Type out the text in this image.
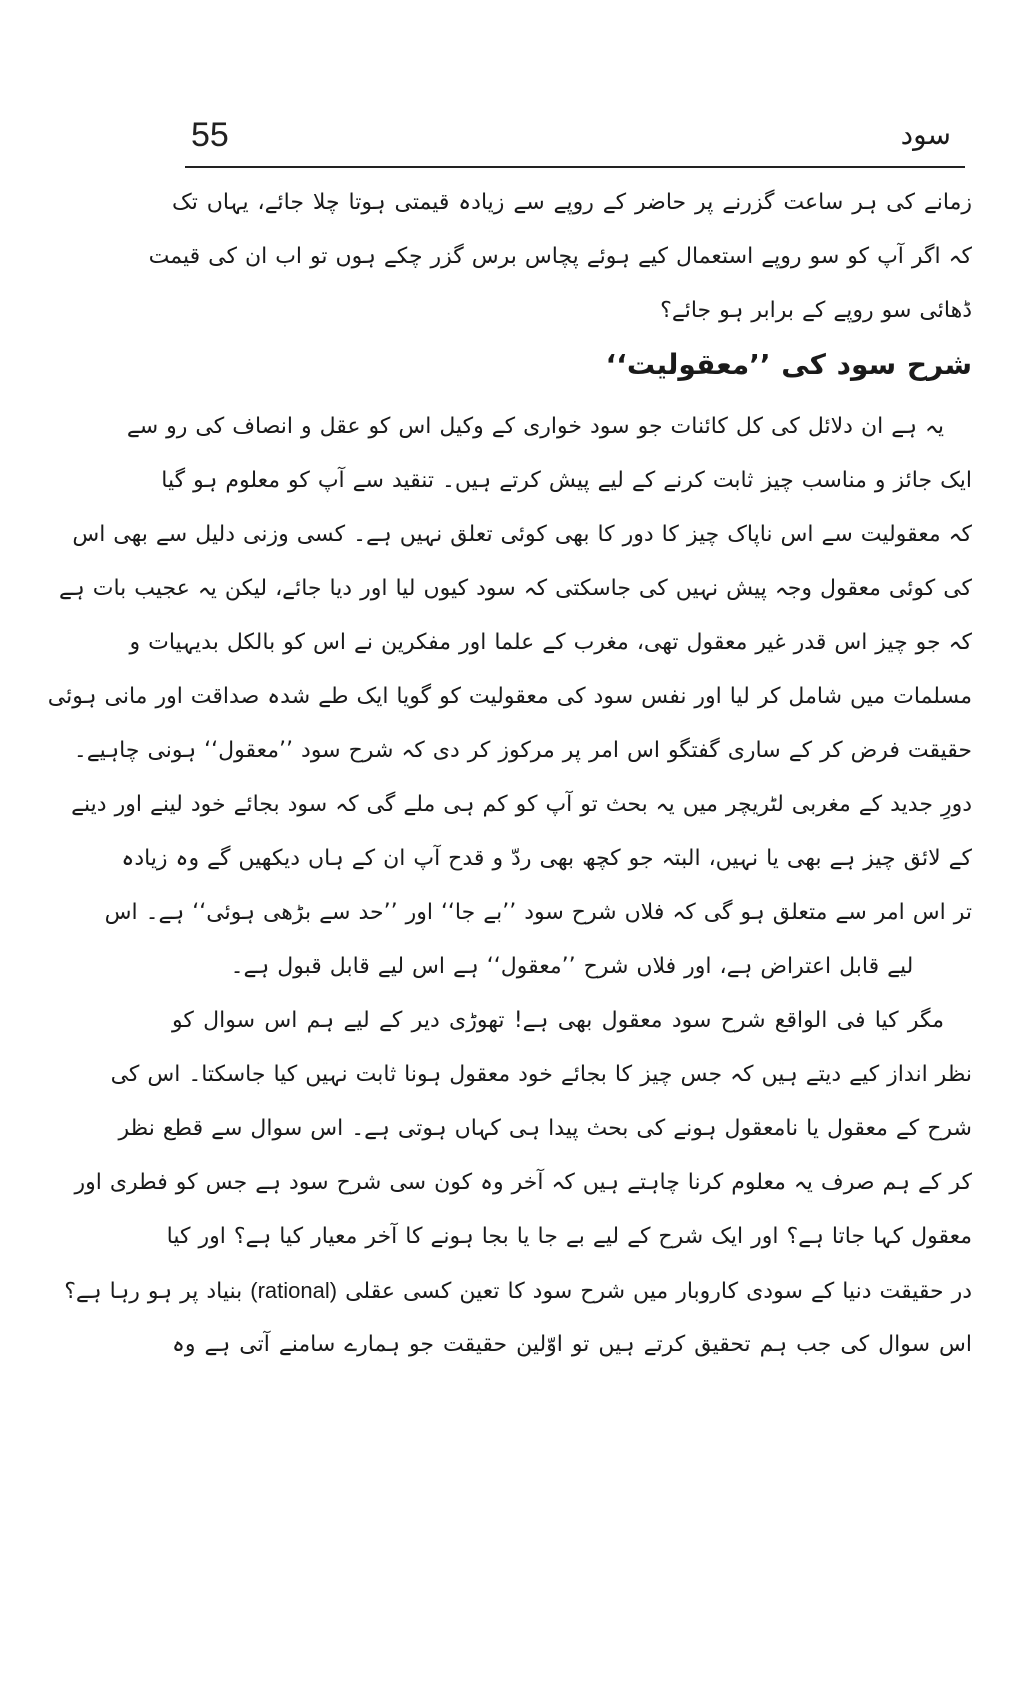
55	سود
زمانے کی ہر ساعت گزرنے پر حاضر کے روپے سے زیادہ قیمتی ہوتا چلا جائے، یہاں تک
کہ اگر آپ کو سو روپے استعمال کیے ہوئے پچاس برس گزر چکے ہوں تو اب ان کی قیمت
ڈھائی سو روپے کے برابر ہو جائے؟
شرح سود کی ’’معقولیت‘‘
یہ ہے ان دلائل کی کل کائنات جو سود خواری کے وکیل اس کو عقل و انصاف کی رو سے
ایک جائز و مناسب چیز ثابت کرنے کے لیے پیش کرتے ہیں۔ تنقید سے آپ کو معلوم ہو گیا
کہ معقولیت سے اس ناپاک چیز کا دور کا بھی کوئی تعلق نہیں ہے۔ کسی وزنی دلیل سے بھی اس
کی کوئی معقول وجہ پیش نہیں کی جاسکتی کہ سود کیوں لیا اور دیا جائے، لیکن یہ عجیب بات ہے
کہ جو چیز اس قدر غیر معقول تھی، مغرب کے علما اور مفکرین نے اس کو بالکل بدیہیات و
مسلمات میں شامل کر لیا اور نفس سود کی معقولیت کو گویا ایک طے شدہ صداقت اور مانی ہوئی
حقیقت فرض کر کے ساری گفتگو اس امر پر مرکوز کر دی کہ شرح سود ’’معقول‘‘ ہونی چاہیے۔
دورِ جدید کے مغربی لٹریچر میں یہ بحث تو آپ کو کم ہی ملے گی کہ سود بجائے خود لینے اور دینے
کے لائق چیز ہے بھی یا نہیں، البتہ جو کچھ بھی ردّ و قدح آپ ان کے ہاں دیکھیں گے وہ زیادہ
تر اس امر سے متعلق ہو گی کہ فلاں شرح سود ’’بے جا‘‘ اور ’’حد سے بڑھی ہوئی‘‘ ہے۔ اس
لیے قابل اعتراض ہے، اور فلاں شرح ’’معقول‘‘ ہے اس لیے قابل قبول ہے۔
مگر کیا فی الواقع شرح سود معقول بھی ہے! تھوڑی دیر کے لیے ہم اس سوال کو
نظر انداز کیے دیتے ہیں کہ جس چیز کا بجائے خود معقول ہونا ثابت نہیں کیا جاسکتا۔ اس کی
شرح کے معقول یا نامعقول ہونے کی بحث پیدا ہی کہاں ہوتی ہے۔ اس سوال سے قطع نظر
کر کے ہم صرف یہ معلوم کرنا چاہتے ہیں کہ آخر وہ کون سی شرح سود ہے جس کو فطری اور
معقول کہا جاتا ہے؟ اور ایک شرح کے لیے بے جا یا بجا ہونے کا آخر معیار کیا ہے؟ اور کیا
در حقیقت دنیا کے سودی کاروبار میں شرح سود کا تعین کسی عقلی (rational) بنیاد پر ہو رہا ہے؟
اس سوال کی جب ہم تحقیق کرتے ہیں تو اوّلین حقیقت جو ہمارے سامنے آتی ہے وہ
